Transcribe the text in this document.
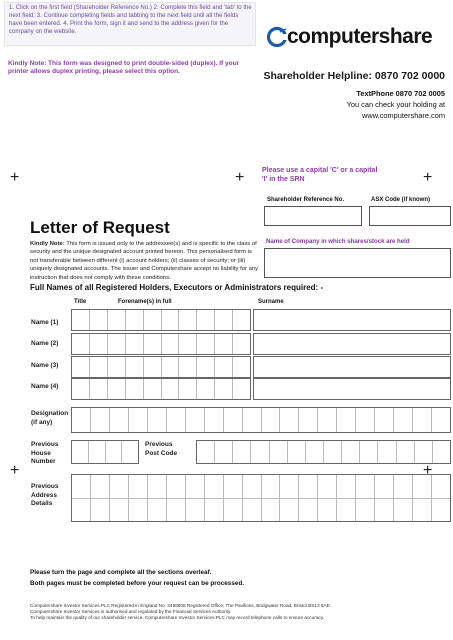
1. Click on the first field (Shareholder Reference No.) 2. Complete this field and 'tab' to the next field. 3. Continue completing fields and tabbing to the next field until all the fields have been entered. 4. Print the form, sign it and send to the address given for the company on the website.
Kindly Note: This form was designed to print double-sided (duplex). If your printer allows duplex printing, please select this option.
computershare
Shareholder Helpline: 0870 702 0000
TextPhone 0870 702 0005
You can check your holding at
www.computershare.com
+	+	+
+	+
Please use a capital 'C' or a capital 'I' in the SRN
Shareholder Reference No.	ASX Code (if known)
Letter of Request
Kindly Note: This form is issued only to the addressee(s) and is specific to the class of security and the unique designated account printed hereon. This personalised form is not transferable between different (i) account holders; (ii) classes of security; or (iii) uniquely designated accounts. The issuer and Computershare accept no liability for any instruction that does not comply with these conditions.
Name of Company in which shares/stock are held
Full Names of all Registered Holders, Executors or Administrators required: -
Title	Forename(s) in full	Surname
Name (1)
Name (2)
Name (3)
Name (4)
Designation (if any)
Previous House Number
Previous Post Code
Previous Address Details
Please turn the page and complete all the sections overleaf.
Both pages must be completed before your request can be processed.
Computershare Investor Services PLC Registered in England No. 3498808 Registered Office; The Pavilions, Bridgwater Road, Bristol BS13 8AE.
Computershare Investor Services is authorised and regulated by the Financial Services Authority.
To help maintain the quality of our shareholder service, Computershare Investor Services PLC may record telephone calls to ensure accuracy.
